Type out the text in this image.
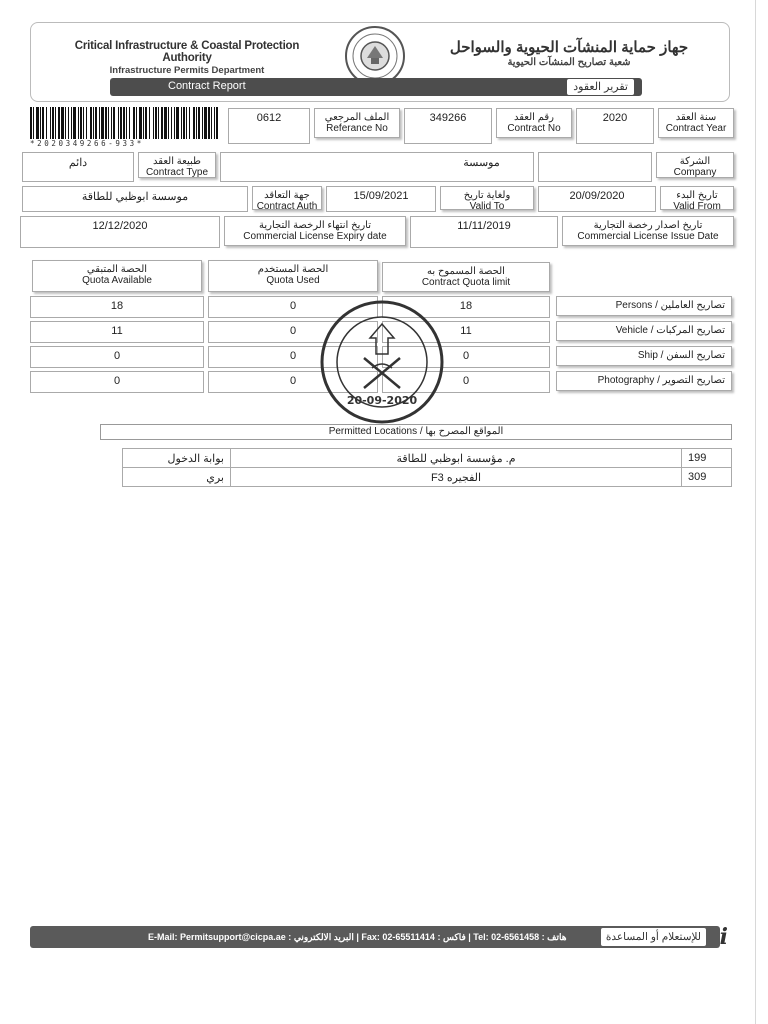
Critical Infrastructure & Coastal Protection Authority
Infrastructure Permits Department
جهاز حماية المنشآت الحيوية والسواحل
شعبة تصاريح المنشآت الحيوية
Contract Report	تقرير العقود
*2020349266-933*
0612	الملف المرجعي
Referance No
349266	رقم العقد
Contract No
2020	سنة العقد
Contract Year
دائم	طبيعة العقد
Contract Type
موسسة	الشركة
Company
موسسة ابوظبي للطاقة	جهة التعاقد
Contract Auth
15/09/2021	ولغاية تاريخ
Valid To
20/09/2020	تاريخ البدء
Valid From
12/12/2020	تاريخ انتهاء الرخصة التجارية
Commercial License Expiry date
11/11/2019	تاريخ اصدار رخصة التجارية
Commercial License Issue Date
الحصة المتبقي
Quota Available
الحصة المستخدم
Quota Used
الحصة المسموح به
Contract Quota limit
18	0	18	Persons / تصاريح العاملين
11	0	11	Vehicle / تصاريح المركبات
0	0	0	Ship / تصاريح السفن
0	0	0	Photography / تصاريح التصوير
20-09-2020
Permitted Locations / المواقع المصرح بها
بوابة الدخول	م. مؤسسة ابوظبي للطاقة	199
بري	الفجيره F3	309
E-Mail: Permitsupport@cicpa.ae : البريد الالكتروني | Fax: 02-65511414 : فاكس | Tel: 02-6561458 : هاتف	للإستعلام أو المساعدة i
